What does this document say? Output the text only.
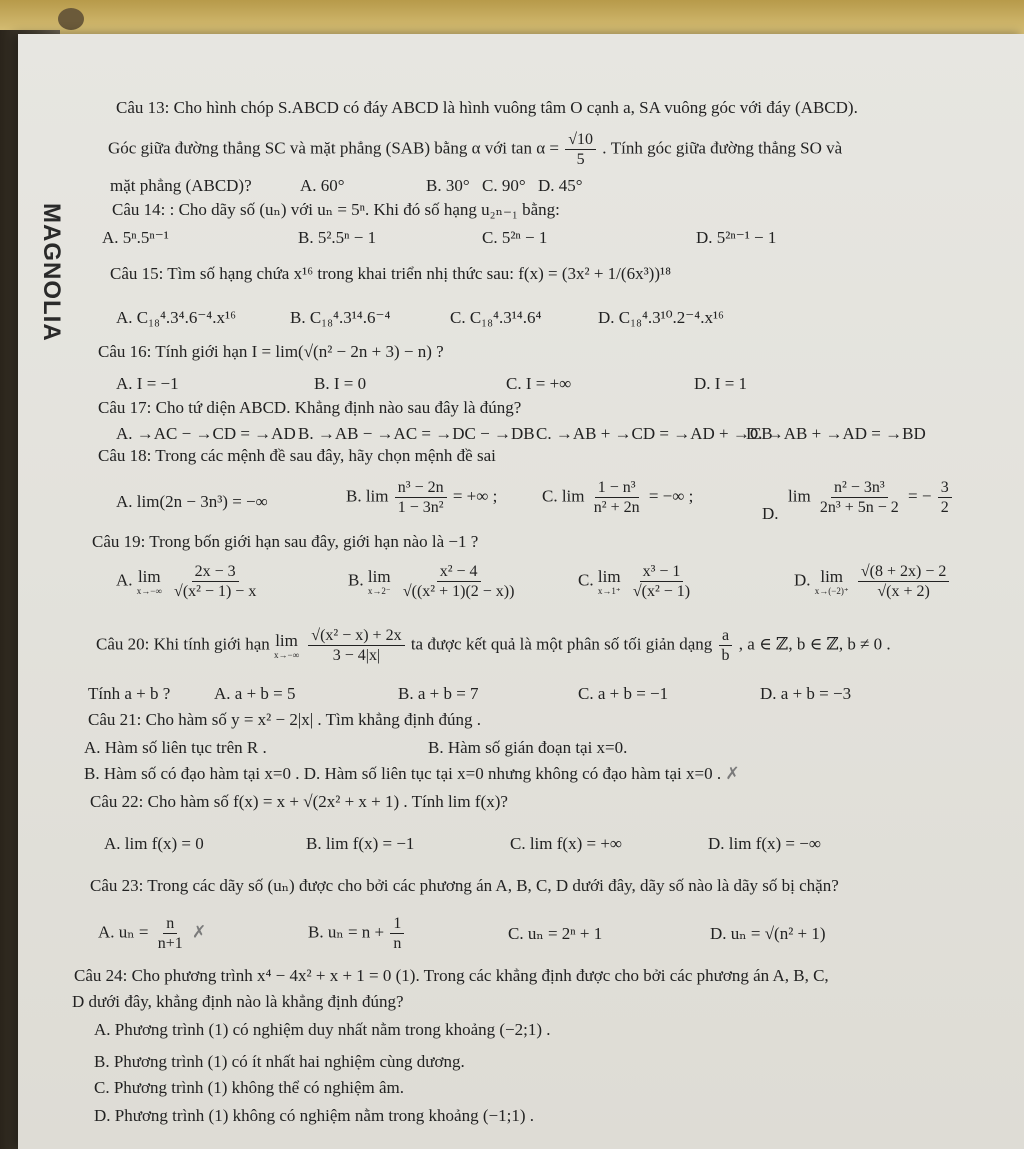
MAGNOLIA
Câu 13: Cho hình chóp S.ABCD có đáy ABCD là hình vuông tâm O cạnh a, SA vuông góc với đáy (ABCD).
Góc giữa đường thẳng SC và mặt phẳng (SAB) bằng α với $\tan \alpha = \frac{√10}{5}$ . Tính góc giữa đường thẳng SO và
mặt phẳng (ABCD)?	A. 60°	B. 30° C. 90° D. 45°
Câu 14: : Cho dãy số (uₙ) với uₙ = 5ⁿ. Khi đó số hạng u₂ₙ₋₁ bằng:
A. 5ⁿ.5ⁿ⁻¹	B. 5².5ⁿ − 1	C. 5²ⁿ − 1	D. 5²ⁿ⁻¹ − 1
Câu 15: Tìm số hạng chứa x¹⁶ trong khai triển nhị thức sau: f(x) = (3x² + 1/(6x³))¹⁸
A. C₁₈⁴.3⁴.6⁻⁴.x¹⁶	B. C₁₈⁴.3¹⁴.6⁻⁴	C. C₁₈⁴.3¹⁴.6⁴	D. C₁₈⁴.3¹⁰.2⁻⁴.x¹⁶
Câu 16: Tính giới hạn I = lim(√(n² − 2n + 3) − n) ?
A. I = −1	B. I = 0	C. I = +∞	D. I = 1
Câu 17: Cho tứ diện ABCD. Khẳng định nào sau đây là đúng?
A. →AC − →CD = →AD B. →AB − →AC = →DC − →DB C. →AB + →CD = →AD + →CB
D. →AB + →AD = →BD
Câu 18: Trong các mệnh đề sau đây, hãy chọn mệnh đề sai
A. lim(2n − 3n³) = −∞	B. $\lim \frac{\text{n³ − 2n}}{\text{1 − 3n²}}$ = +∞ ;	C. $\lim \frac{\text{1 − n³}}{\text{n² + 2n}}$ = −∞ ;
D.
$\lim \frac{\text{n² − 3n³}}{\text{2n³ + 5n − 2}}$ = − $\frac{3}{2}$
Câu 19: Trong bốn giới hạn sau đây, giới hạn nào là −1 ?
A. lim
x→−∞
$\frac{2x - 3}{\text{√(x² − 1) − x}}$	B. lim
x→2⁻
$\frac{\text{x² − 4}}{\text{√((x² + 1)(2 − x))}}$	C. lim
x→1⁺
$\frac{\text{x³ − 1}}{\text{√(x² − 1)}}$	D. lim
x→(−2)⁺
$\frac{√(8 + 2x) - 2}{√(x + 2)}$
Câu 20: Khi tính giới hạn lim
x→−∞
$\frac{\text{√(x² − x) + 2x}}{3 - 4|x|}$ ta được kết quả là một phân số tối giản dạng $\frac{a}{b}$ , a ∈ ℤ, b ∈ ℤ, b ≠ 0 .
Tính a + b ?	A. a + b = 5	B. a + b = 7	C. a + b = −1	D. a + b = −3
Câu 21: Cho hàm số y = x² − 2|x| . Tìm khẳng định đúng .
A. Hàm số liên tục trên R .	B. Hàm số gián đoạn tại x=0.
B. Hàm số có đạo hàm tại x=0 . D. Hàm số liên tục tại x=0 nhưng không có đạo hàm tại x=0 . ✗
Câu 22: Cho hàm số f(x) = x + √(2x² + x + 1) . Tính lim f(x)?
A. lim f(x) = 0	B. lim f(x) = −1	C. lim f(x) = +∞	D. lim f(x) = −∞
Câu 23: Trong các dãy số (uₙ) được cho bởi các phương án A, B, C, D dưới đây, dãy số nào là dãy số bị chặn?
A. $u_n = \frac{n}{n+1}$ ✗	B. $u_n = n + \frac{1}{n}$	C. uₙ = 2ⁿ + 1	D. uₙ = √(n² + 1)
Câu 24: Cho phương trình x⁴ − 4x² + x + 1 = 0 (1). Trong các khẳng định được cho bởi các phương án A, B, C,
D dưới đây, khẳng định nào là khẳng định đúng?
A. Phương trình (1) có nghiệm duy nhất nằm trong khoảng (−2;1) .
B. Phương trình (1) có ít nhất hai nghiệm cùng dương.
C. Phương trình (1) không thể có nghiệm âm.
D. Phương trình (1) không có nghiệm nằm trong khoảng (−1;1) .
